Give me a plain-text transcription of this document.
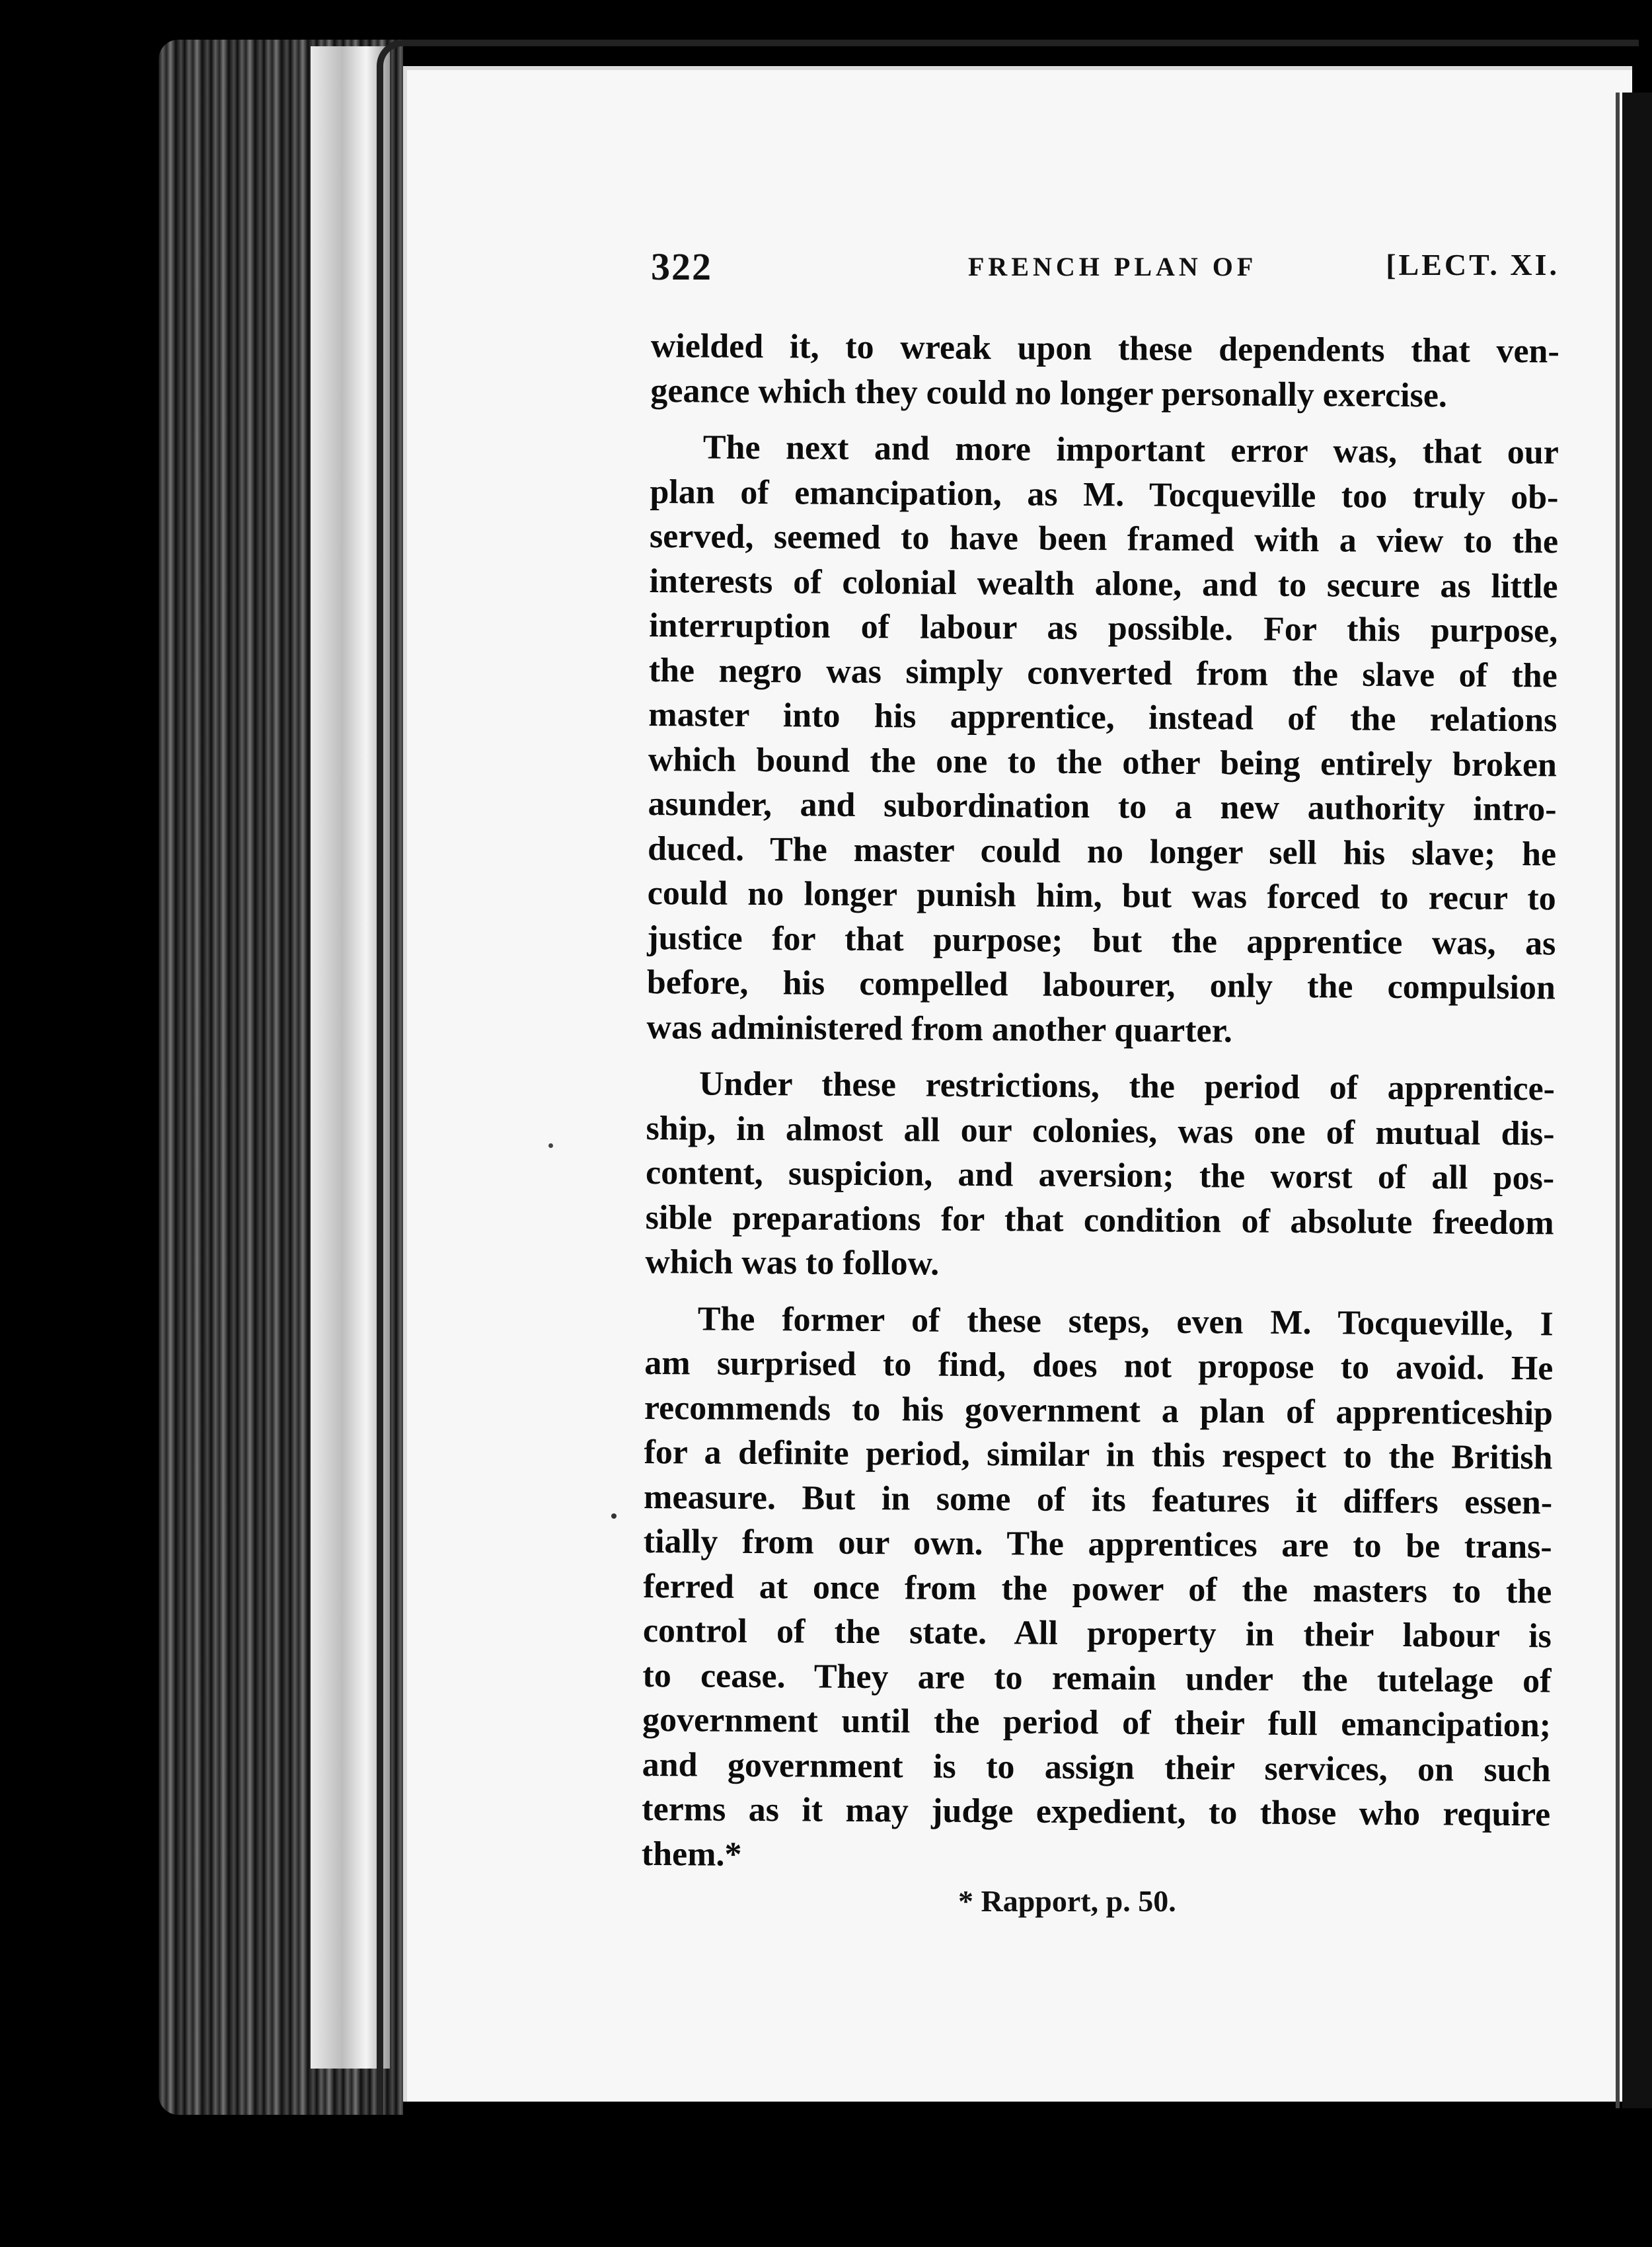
322	FRENCH PLAN OF	[LECT. XI.
wielded it, to wreak upon these dependents that ven-
geance which they could no longer personally exercise.
The next and more important error was, that our
plan of emancipation, as M. Tocqueville too truly ob-
served, seemed to have been framed with a view to the
interests of colonial wealth alone, and to secure as little
interruption of labour as possible. For this purpose,
the negro was simply converted from the slave of the
master into his apprentice, instead of the relations
which bound the one to the other being entirely broken
asunder, and subordination to a new authority intro-
duced. The master could no longer sell his slave; he
could no longer punish him, but was forced to recur to
justice for that purpose; but the apprentice was, as
before, his compelled labourer, only the compulsion
was administered from another quarter.
Under these restrictions, the period of apprentice-
ship, in almost all our colonies, was one of mutual dis-
content, suspicion, and aversion; the worst of all pos-
sible preparations for that condition of absolute freedom
which was to follow.
The former of these steps, even M. Tocqueville, I
am surprised to find, does not propose to avoid. He
recommends to his government a plan of apprenticeship
for a definite period, similar in this respect to the British
measure. But in some of its features it differs essen-
tially from our own. The apprentices are to be trans-
ferred at once from the power of the masters to the
control of the state. All property in their labour is
to cease. They are to remain under the tutelage of
government until the period of their full emancipation;
and government is to assign their services, on such
terms as it may judge expedient, to those who require
them.*
* Rapport, p. 50.
